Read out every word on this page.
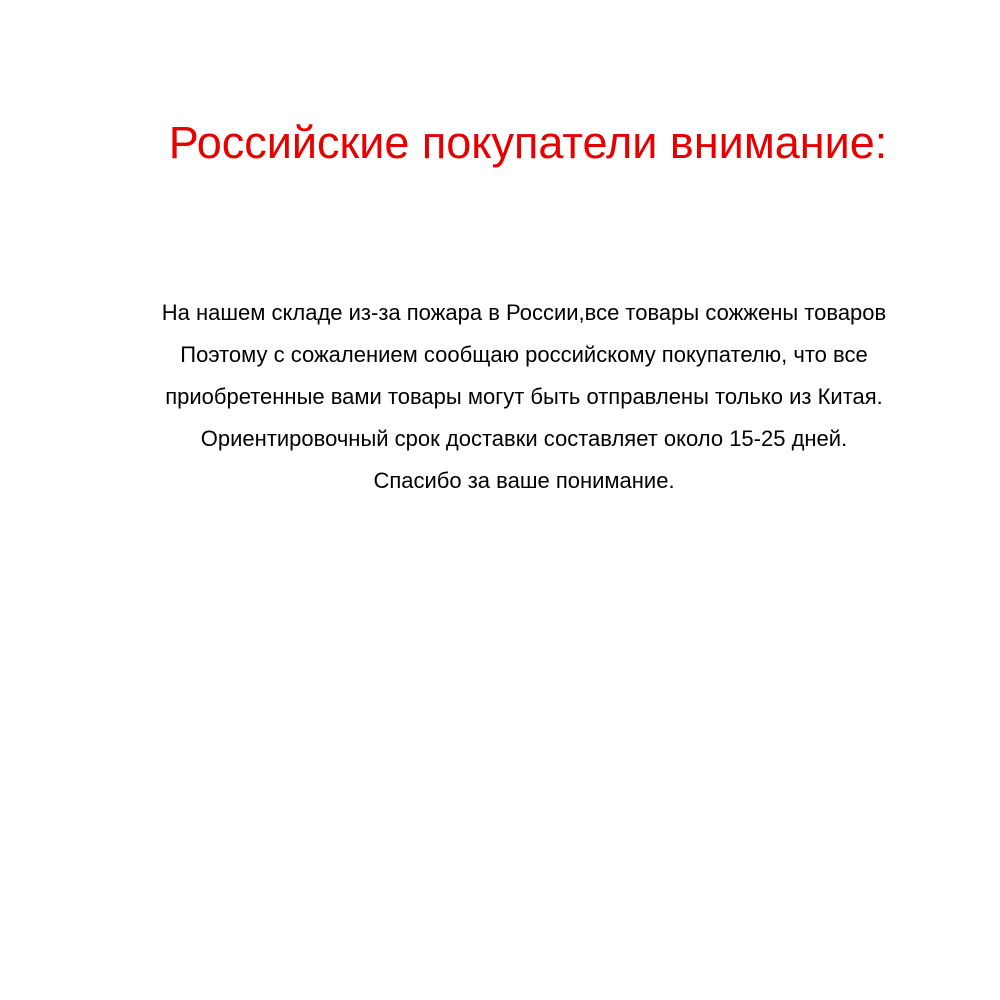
Российские покупатели внимание:
На нашем складе из-за пожара в России,все товары сожжены товаров
Поэтому с сожалением сообщаю российскому покупателю, что все
приобретенные вами товары могут быть отправлены только из Китая.
Ориентировочный срок доставки составляет около 15-25 дней.
Спасибо за ваше понимание.
